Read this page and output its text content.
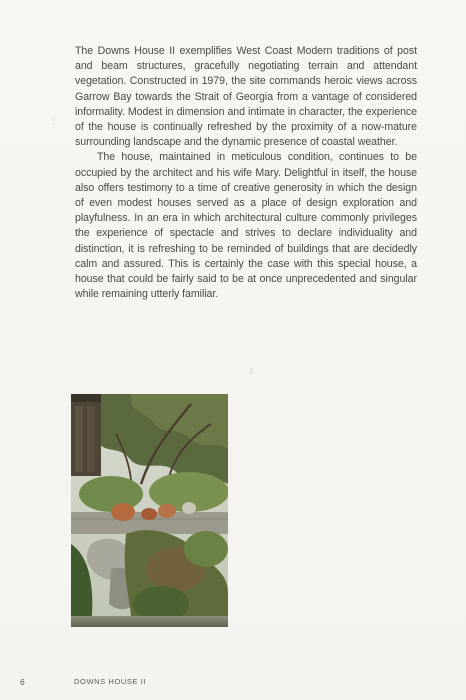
⁘
/

The Downs House II exemplifies West Coast Modern traditions of post and beam structures, gracefully negotiating terrain and attendant vegetation. Constructed in 1979, the site commands heroic views across Garrow Bay towards the Strait of Georgia from a vantage of considered informality. Modest in dimension and intimate in character, the experience of the house is continually refreshed by the proximity of a now-mature surrounding landscape and the dynamic presence of coastal weather.

The house, maintained in meticulous condition, continues to be occupied by the architect and his wife Mary. Delightful in itself, the house also offers testimony to a time of creative generosity in which the design of even modest houses served as a place of design exploration and playfulness. In an era in which architectural culture commonly privileges the experience of spectacle and strives to declare individuality and distinction, it is refreshing to be reminded of buildings that are decidedly calm and assured. This is certainly the case with this special house, a house that could be fairly said to be at once unprecedented and singular while remaining utterly familiar.

6	DOWNS HOUSE II
